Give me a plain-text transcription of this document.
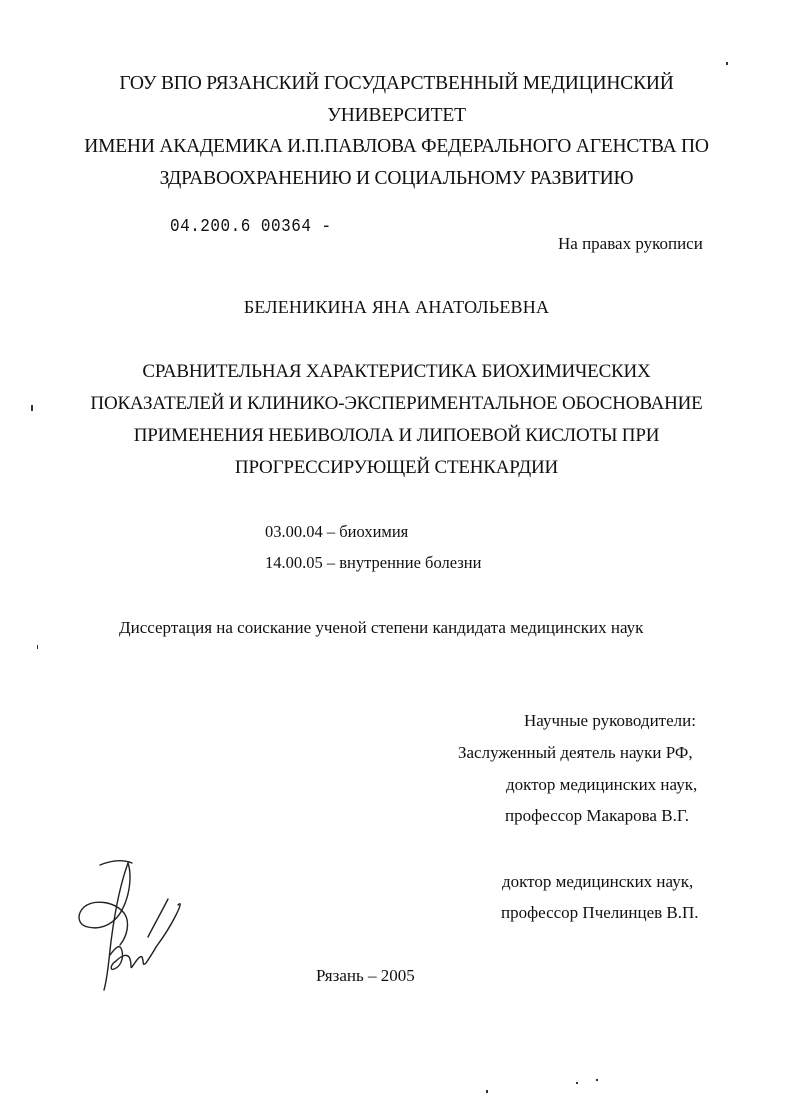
ГОУ ВПО РЯЗАНСКИЙ ГОСУДАРСТВЕННЫЙ МЕДИЦИНСКИЙ
УНИВЕРСИТЕТ
ИМЕНИ АКАДЕМИКА И.П.ПАВЛОВА ФЕДЕРАЛЬНОГО АГЕНСТВА ПО
ЗДРАВООХРАНЕНИЮ И СОЦИАЛЬНОМУ РАЗВИТИЮ
04.200.6 00364 -
На правах рукописи
БЕЛЕНИКИНА ЯНА АНАТОЛЬЕВНА
СРАВНИТЕЛЬНАЯ ХАРАКТЕРИСТИКА БИОХИМИЧЕСКИХ
ПОКАЗАТЕЛЕЙ И КЛИНИКО-ЭКСПЕРИМЕНТАЛЬНОЕ ОБОСНОВАНИЕ
ПРИМЕНЕНИЯ НЕБИВОЛОЛА И ЛИПОЕВОЙ КИСЛОТЫ ПРИ
ПРОГРЕССИРУЮЩЕЙ СТЕНКАРДИИ
03.00.04 – биохимия
14.00.05 – внутренние болезни
Диссертация на соискание ученой степени кандидата медицинских наук
Научные руководители:
Заслуженный деятель науки РФ,
доктор медицинских наук,
профессор Макарова В.Г.
доктор медицинских наук,
профессор Пчелинцев В.П.
Рязань – 2005
